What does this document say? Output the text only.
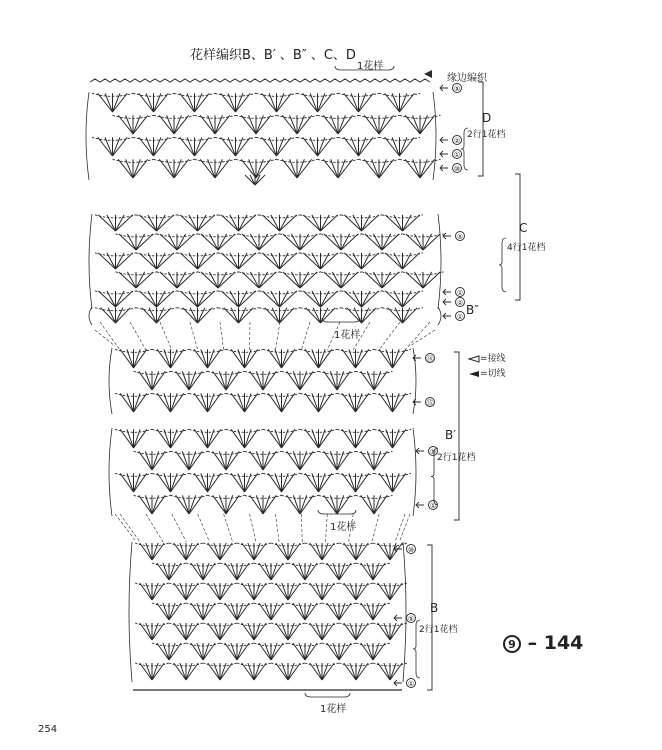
花样编织B、B′ 、B″ 、C、D
1花样
1花样
1花样
1花样
缘边编织
⑤
②
①
⑩
2行1花档
D
⑤
①
4行1花档
C
②
① B″
=接线
=切线
⑱
⑮
⑤
①
2行1花档
B′
⑩
⑤
①
2行1花档
B
9 – 144
254
